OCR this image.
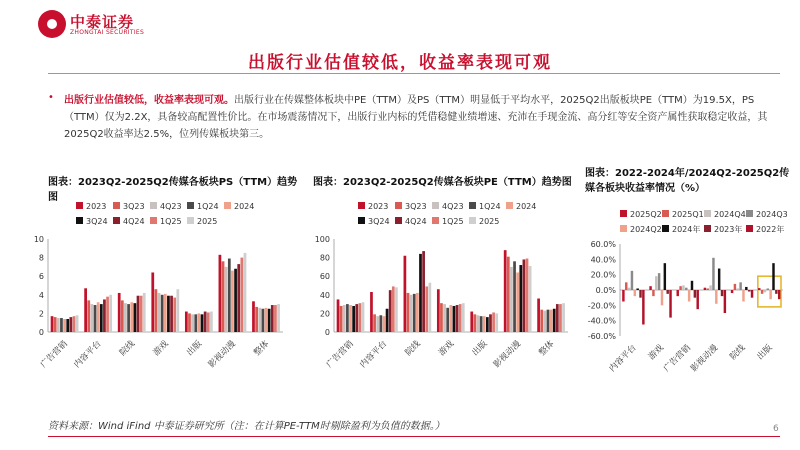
中泰证券
ZHONGTAI SECURITIES
出版行业估值较低，收益率表现可观
• 出版行业估值较低，收益率表现可观。出版行业在传媒整体板块中PE（TTM）及PS（TTM）明显低于平均水平，2025Q2出版板块PE（TTM）为19.5X，PS（TTM）仅为2.2X，具备较高配置性价比。在市场震荡情况下，出版行业内标的凭借稳健业绩增速、充沛在手现金流、高分红等安全资产属性获取稳定收益，其2025Q2收益率达2.5%，位列传媒板块第三。
图表：2023Q2-2025Q2传媒各板块PS（TTM）趋势图
图表：2023Q2-2025Q2传媒各板块PE（TTM）趋势图
图表：2022-2024年/2024Q2-2025Q2传媒各板块收益率情况（%）
2023 3Q23 4Q23 1Q24 2024
3Q24 4Q24 1Q25 2025
0
2
4
6
8
10
广告营销 内容平台 院线 游戏 出版 影视动漫 整体
2023 3Q23 4Q23 1Q24 2024
3Q24 4Q24 1Q25 2025
0
20
40
60
80
100
广告营销 内容平台 院线 游戏 出版 影视动漫 整体
2025Q2 2025Q1 2024Q4 2024Q3
2024Q2 2024年 2023年 2022年
60.0%
40.0%
20.0%
0.0%
-20.0%
-40.0%
-60.0%
内容平台 游戏
广告营销
影视动漫 院线 出版
资料来源：Wind iFind 中泰证券研究所（注：在计算PE-TTM时剔除盈利为负值的数据。）	6
